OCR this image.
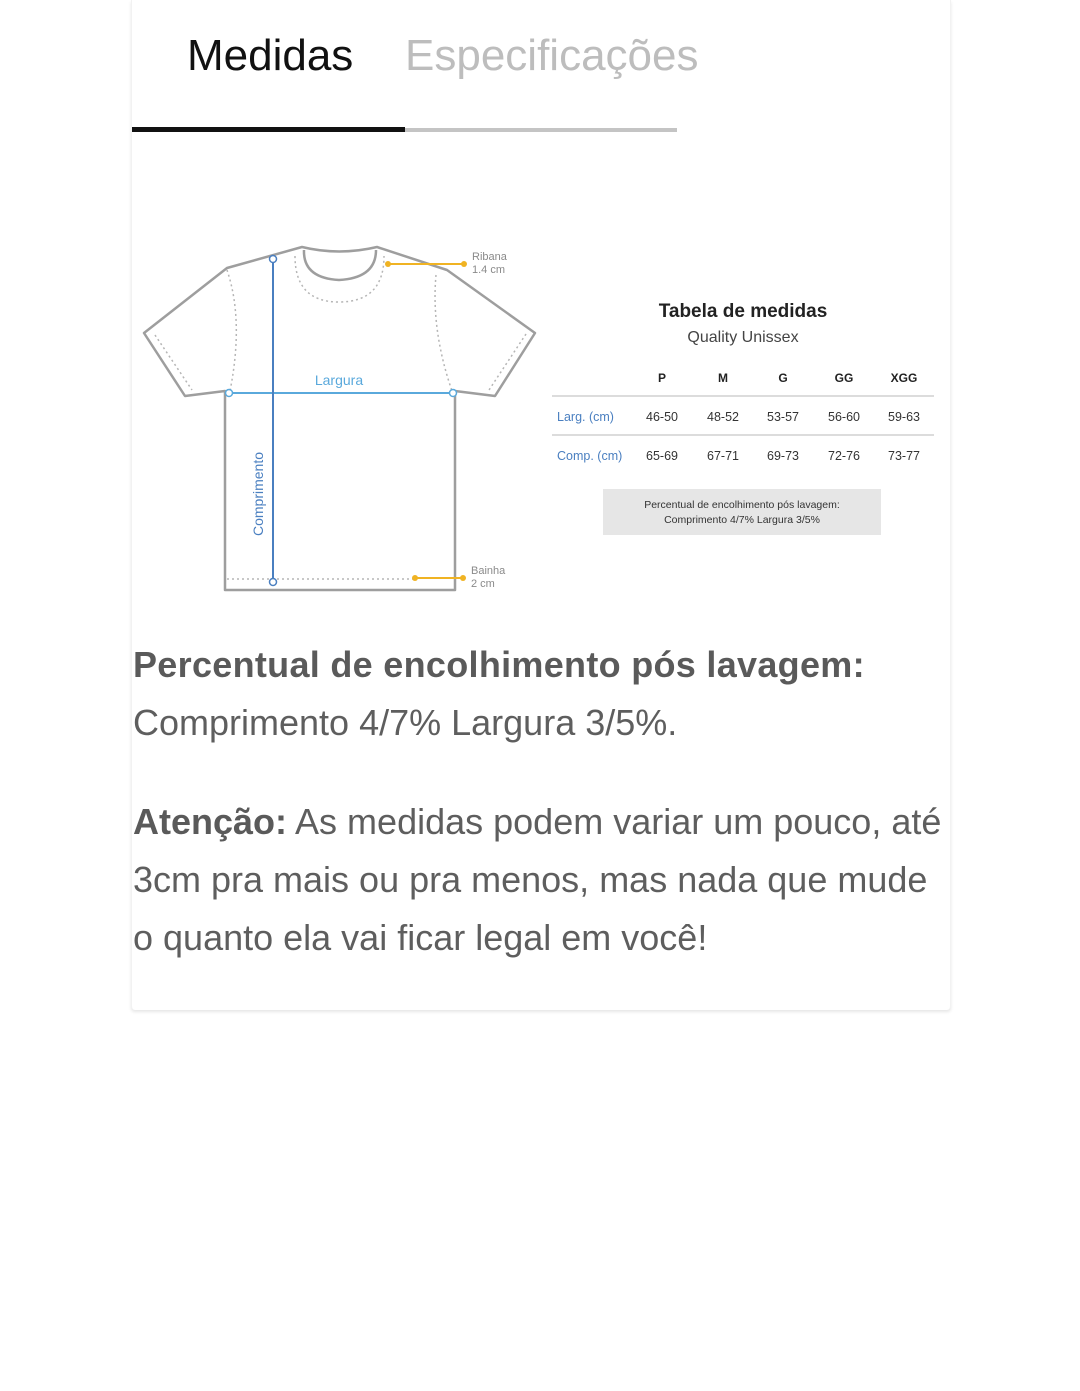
Medidas Especificações
Largura
Comprimento
Ribana
1.4 cm
Bainha
2 cm
Tabela de medidas
Quality Unissex
P	M	G	GG	XGG
Larg. (cm)	46-50 48-52 53-57 56-60 59-63
Comp. (cm) 65-69 67-71 69-73 72-76 73-77
Percentual de encolhimento pós lavagem:
Comprimento 4/7% Largura 3/5%
Percentual de encolhimento pós lavagem:
Comprimento 4/7% Largura 3/5%.
Atenção: As medidas podem variar um pouco, até 3cm pra mais ou pra menos, mas nada que mude o quanto ela vai ficar legal em você!
